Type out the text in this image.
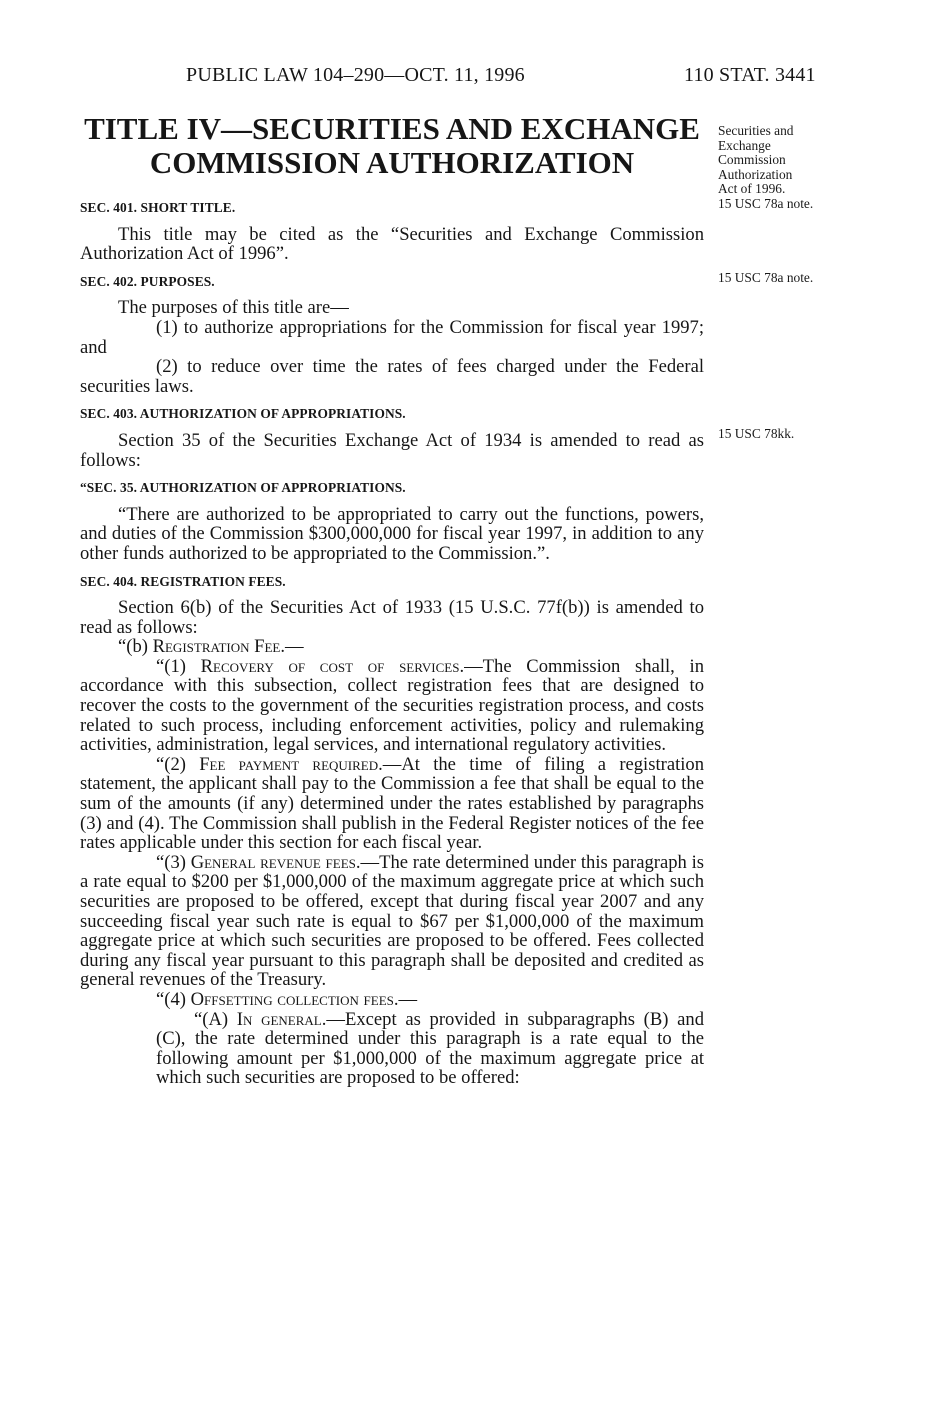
PUBLIC LAW 104–290—OCT. 11, 1996	110 STAT. 3441
TITLE IV—SECURITIES AND EXCHANGE
COMMISSION AUTHORIZATION
Securities and
Exchange
Commission
Authorization
Act of 1996.
15 USC 78a note.
15 USC 78a note.
15 USC 78kk.

SEC. 401. SHORT TITLE.

This title may be cited as the “Securities and Exchange Commission Authorization Act of 1996”.

SEC. 402. PURPOSES.

The purposes of this title are—

(1) to authorize appropriations for the Commission for fiscal year 1997; and

(2) to reduce over time the rates of fees charged under the Federal securities laws.

SEC. 403. AUTHORIZATION OF APPROPRIATIONS.

Section 35 of the Securities Exchange Act of 1934 is amended to read as follows:

“SEC. 35. AUTHORIZATION OF APPROPRIATIONS.

“There are authorized to be appropriated to carry out the functions, powers, and duties of the Commission $300,000,000 for fiscal year 1997, in addition to any other funds authorized to be appropriated to the Commission.”.

SEC. 404. REGISTRATION FEES.

Section 6(b) of the Securities Act of 1933 (15 U.S.C. 77f(b)) is amended to read as follows:

“(b) Registration Fee.—

“(1) Recovery of cost of services.—The Commission shall, in accordance with this subsection, collect registration fees that are designed to recover the costs to the government of the securities registration process, and costs related to such process, including enforcement activities, policy and rulemaking activities, administration, legal services, and international regulatory activities.

“(2) Fee payment required.—At the time of filing a registration statement, the applicant shall pay to the Commission a fee that shall be equal to the sum of the amounts (if any) determined under the rates established by paragraphs (3) and (4). The Commission shall publish in the Federal Register notices of the fee rates applicable under this section for each fiscal year.

“(3) General revenue fees.—The rate determined under this paragraph is a rate equal to $200 per $1,000,000 of the maximum aggregate price at which such securities are proposed to be offered, except that during fiscal year 2007 and any succeeding fiscal year such rate is equal to $67 per $1,000,000 of the maximum aggregate price at which such securities are proposed to be offered. Fees collected during any fiscal year pursuant to this paragraph shall be deposited and credited as general revenues of the Treasury.

“(4) Offsetting collection fees.—

“(A) In general.—Except as provided in subparagraphs (B) and (C), the rate determined under this paragraph is a rate equal to the following amount per $1,000,000 of the maximum aggregate price at which such securities are proposed to be offered:
